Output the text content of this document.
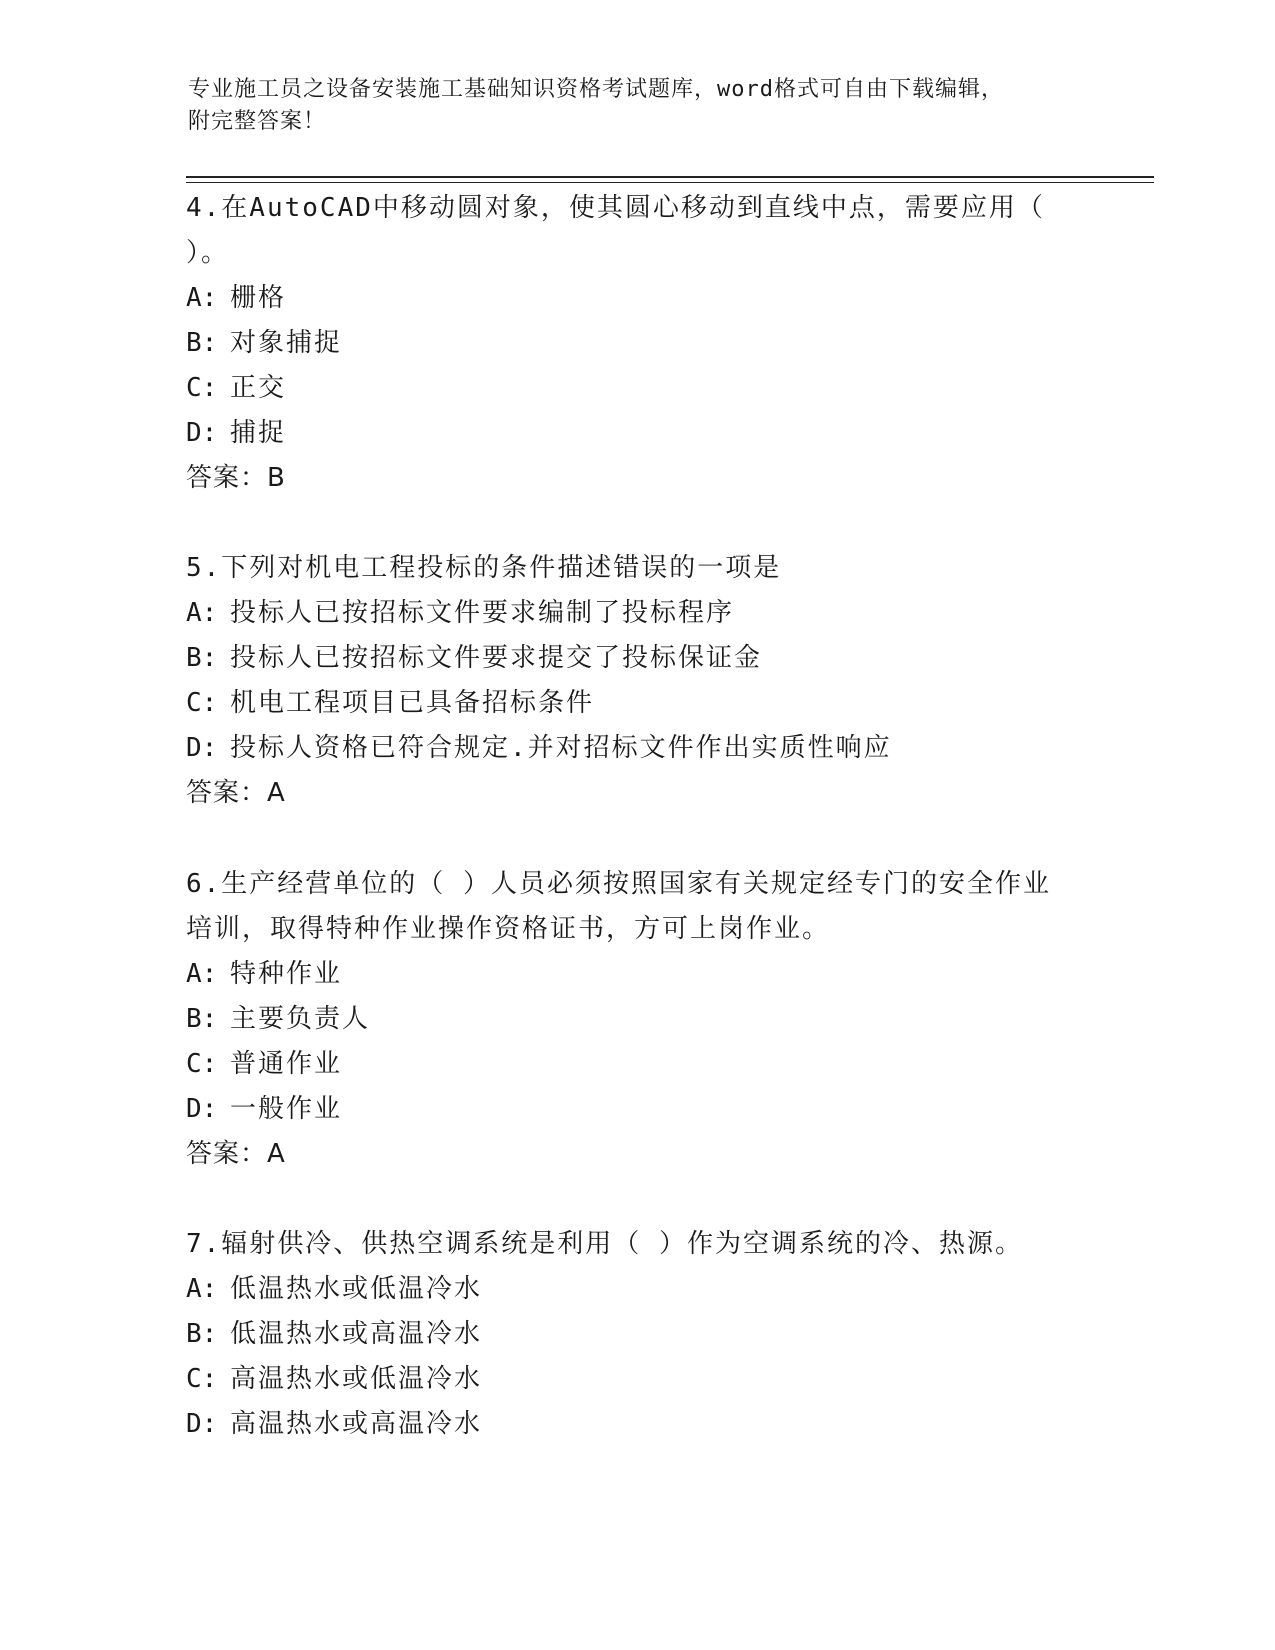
专业施工员之设备安装施工基础知识资格考试题库，word格式可自由下载编辑，
附完整答案！
4.在AutoCAD中移动圆对象，使其圆心移动到直线中点，需要应用（
）。
A: 栅格
B: 对象捕捉
C: 正交
D: 捕捉
答案：B
5.下列对机电工程投标的条件描述错误的一项是
A: 投标人已按招标文件要求编制了投标程序
B: 投标人已按招标文件要求提交了投标保证金
C: 机电工程项目已具备招标条件
D: 投标人资格已符合规定.并对招标文件作出实质性响应
答案：A
6.生产经营单位的（ ）人员必须按照国家有关规定经专门的安全作业
培训，取得特种作业操作资格证书，方可上岗作业。
A: 特种作业
B: 主要负责人
C: 普通作业
D: 一般作业
答案：A
7.辐射供冷、供热空调系统是利用（ ）作为空调系统的冷、热源。
A: 低温热水或低温冷水
B: 低温热水或高温冷水
C: 高温热水或低温冷水
D: 高温热水或高温冷水
